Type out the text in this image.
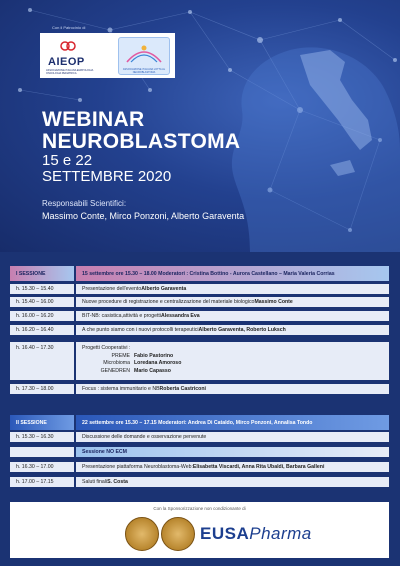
Con il Patrocinio di
AIEOP
ASSOCIAZIONE ITALIANA EMATOLOGIA ONCOLOGIA PEDIATRICA
ASSOCIAZIONE ITALIANA LOTTA AL NEUROBLASTOMA
WEBINAR
NEUROBLASTOMA
15 e 22
SETTEMBRE 2020
Responsabili Scientifici:
Massimo Conte, Mirco Ponzoni, Alberto Garaventa
I SESSIONE	15 settembre ore 15.30 – 18.00 Moderatori : Cristina Bottino - Aurora Castellano – Maria Valeria Corrias
h. 15.30 – 15.40	Presentazione dell'evento Alberto Garaventa
h. 15.40 – 16.00	Nuove procedure di registrazione e centralizzazione del materiale biologico Massimo Conte
h. 16.00 – 16.20	BIT-NB: casistica,attività e progetti Alessandra Eva
h. 16.20 – 16.40	A che punto siamo con i nuovi protocolli terapeutici Alberto Garaventa, Roberto Luksch
h. 16.40 – 17.30	Progetti Cooperativi :
PREME Fabio Pastorino
Microbioma Loredana Amoroso
GENEDREN Mario Capasso
h. 17.30 – 18.00	Focus : sistema immunitario e NB Roberta Castriconi
II SESSIONE	22 settembre ore 15.30 – 17.15 Moderatori: Andrea Di Cataldo, Mirco Ponzoni, Annalisa Tondo
h. 15.30 – 16.30	Discussione delle domande e osservazione pervenute
Sessione NO ECM
h. 16.30 – 17.00	Presentazione piattaforma Neuroblastoma-Web: Elisabetta Viscardi, Anna Rita Ubaldi, Barbara Galleni
h. 17.00 – 17.15	Saluti finali S. Costa
Con la Sponsorizzazione non condizionante di
EUSAPharma
